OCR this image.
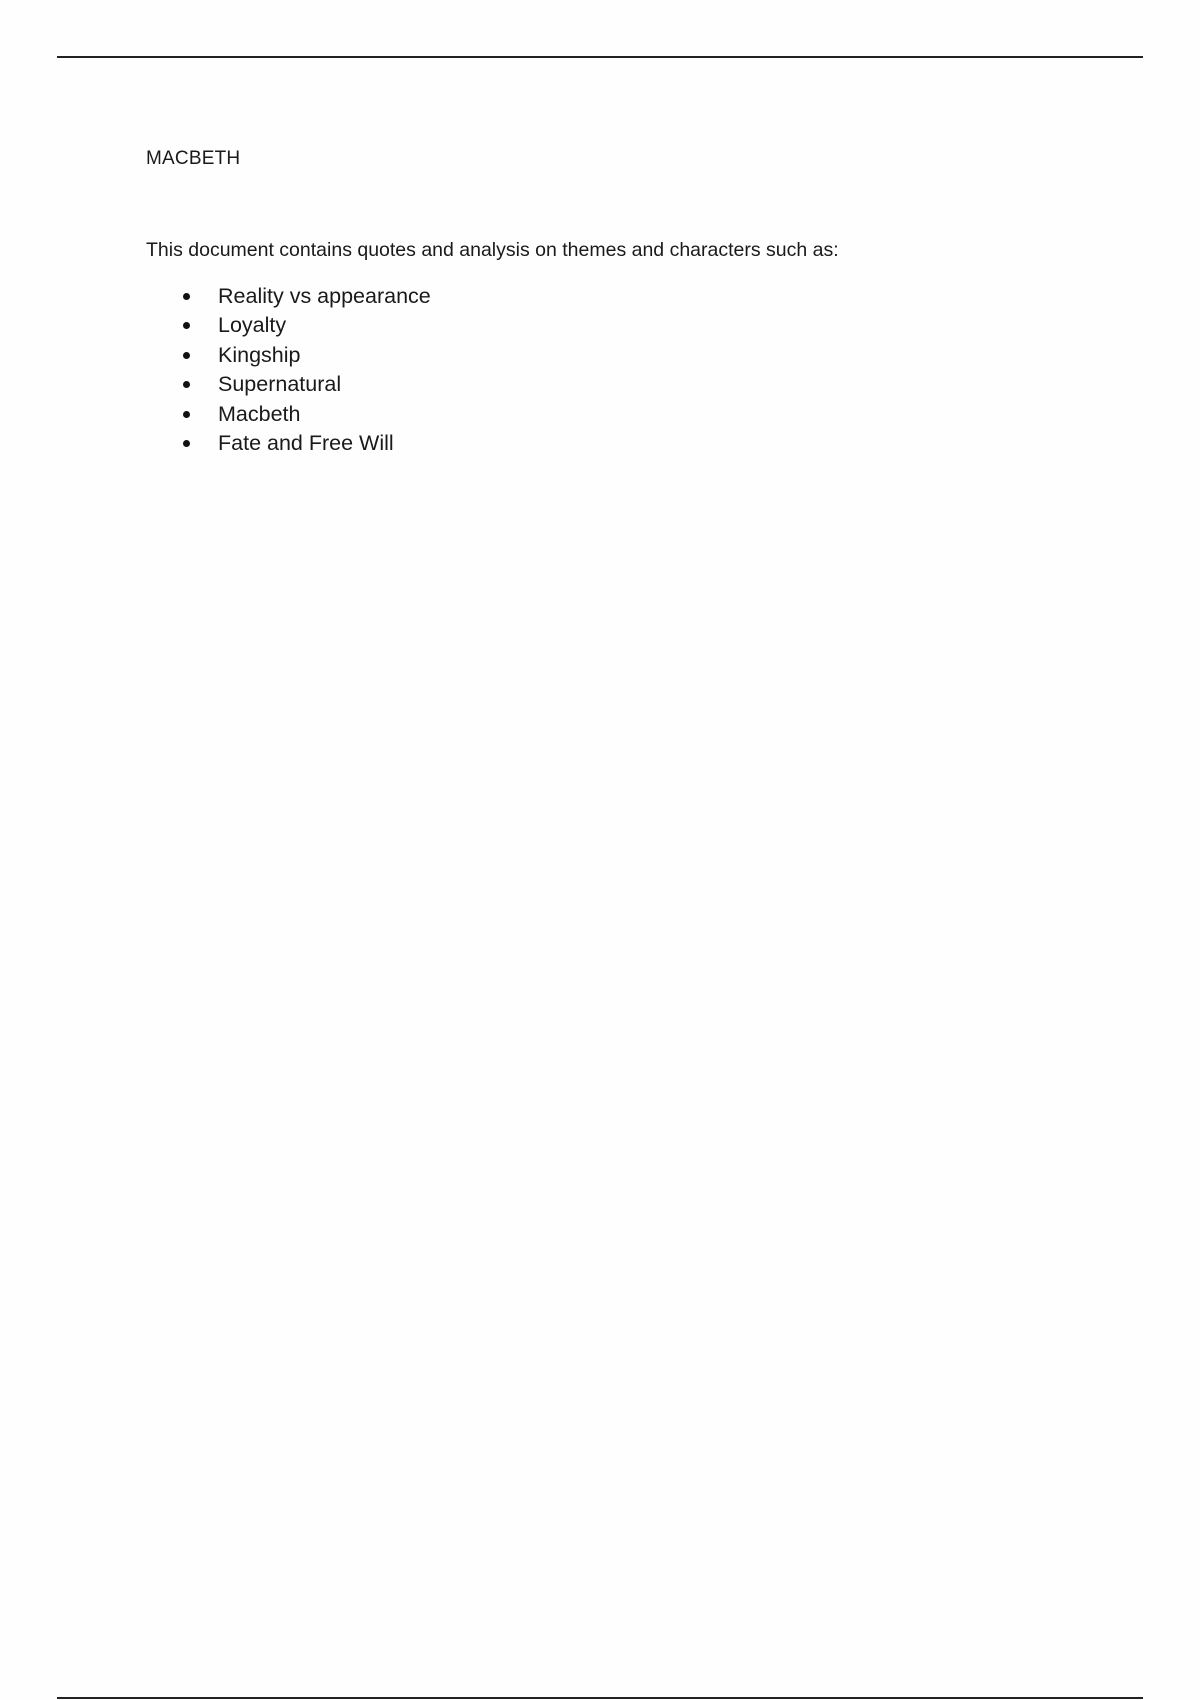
MACBETH

This document contains quotes and analysis on themes and characters such as:

Reality vs appearance
Loyalty
Kingship
Supernatural
Macbeth
Fate and Free Will
